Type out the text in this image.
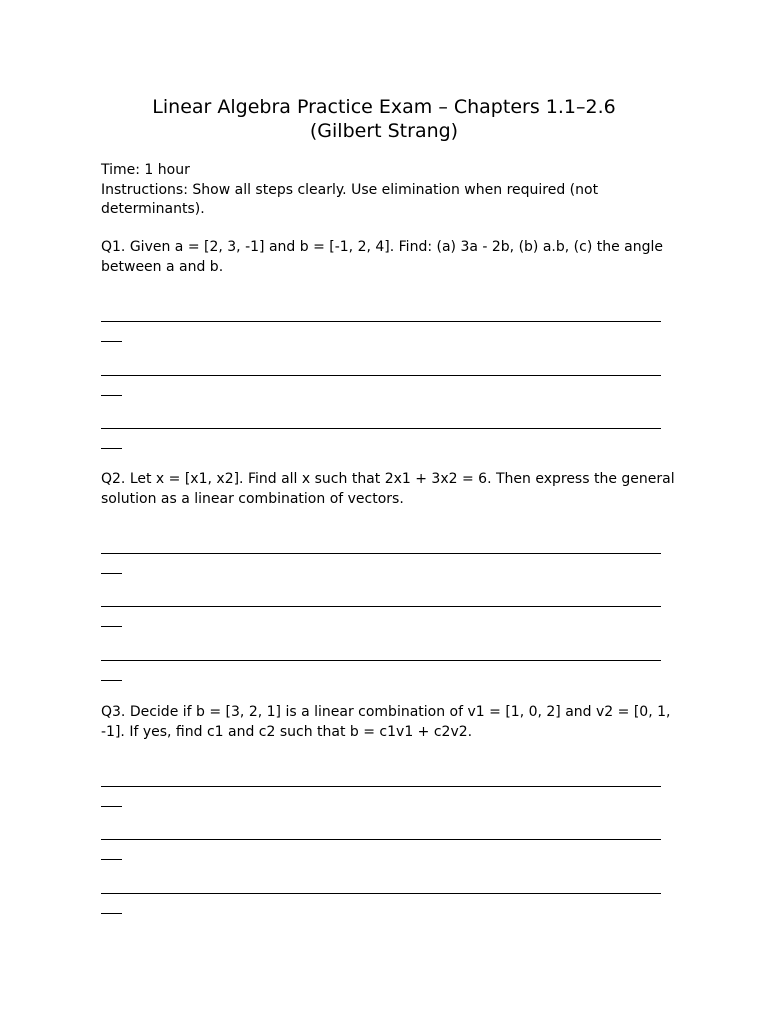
Linear Algebra Practice Exam – Chapters 1.1–2.6
(Gilbert Strang)
Time: 1 hour
Instructions: Show all steps clearly. Use elimination when required (not determinants).
Q1. Given a = [2, 3, -1] and b = [-1, 2, 4]. Find: (a) 3a - 2b, (b) a.b, (c) the angle between a and b.
Q2. Let x = [x1, x2]. Find all x such that 2x1 + 3x2 = 6. Then express the general solution as a linear combination of vectors.
Q3. Decide if b = [3, 2, 1] is a linear combination of v1 = [1, 0, 2] and v2 = [0, 1, -1]. If yes, find c1 and c2 such that b = c1v1 + c2v2.
